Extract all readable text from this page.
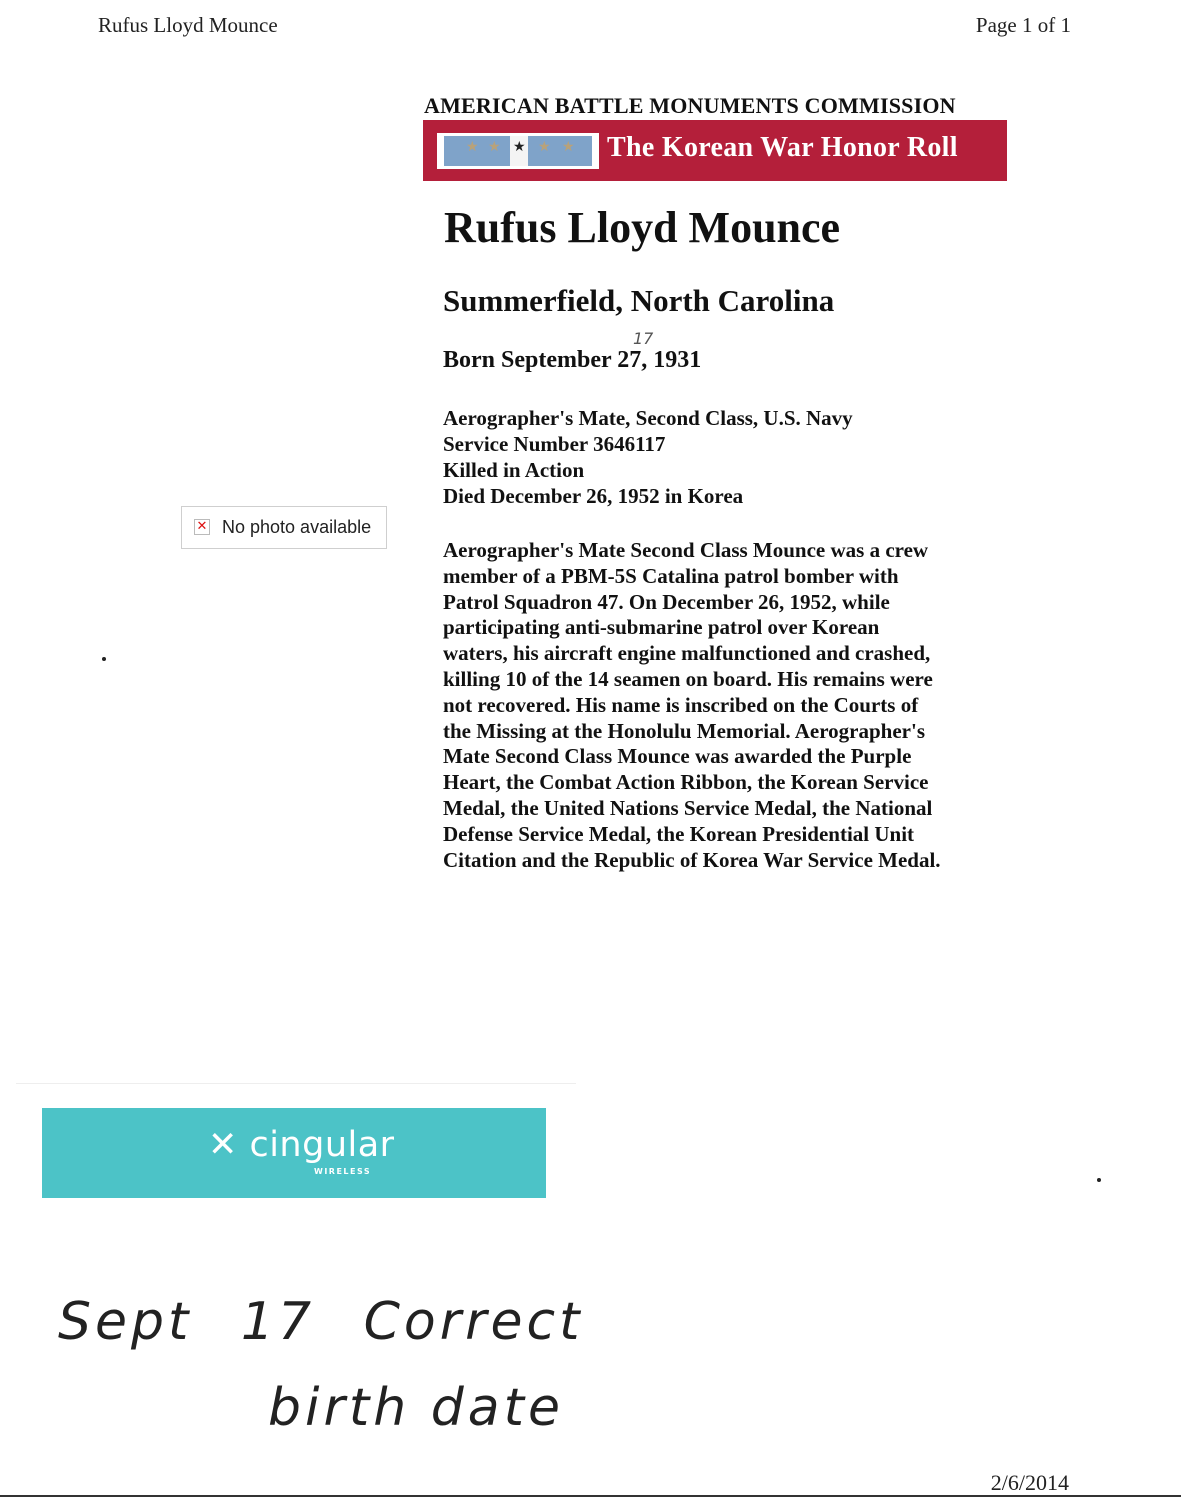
Rufus Lloyd Mounce	Page 1 of 1
AMERICAN BATTLE MONUMENTS COMMISSION
★ ★ ★ ★ ★ The Korean War Honor Roll
Rufus Lloyd Mounce
Summerfield, North Carolina
17
Born September 27, 1931
Aerographer's Mate, Second Class, U.S. Navy
Service Number 3646117
Killed in Action
Died December 26, 1952 in Korea
✕ No photo available
Aerographer's Mate Second Class Mounce was a crew
member of a PBM-5S Catalina patrol bomber with
Patrol Squadron 47. On December 26, 1952, while
participating anti-submarine patrol over Korean
waters, his aircraft engine malfunctioned and crashed,
killing 10 of the 14 seamen on board. His remains were
not recovered. His name is inscribed on the Courts of
the Missing at the Honolulu Memorial. Aerographer's
Mate Second Class Mounce was awarded the Purple
Heart, the Combat Action Ribbon, the Korean Service
Medal, the United Nations Service Medal, the National
Defense Service Medal, the Korean Presidential Unit
Citation and the Republic of Korea War Service Medal.
✕ cingular
WIRELESS
Sept 17 Correct
birth date
2/6/2014
